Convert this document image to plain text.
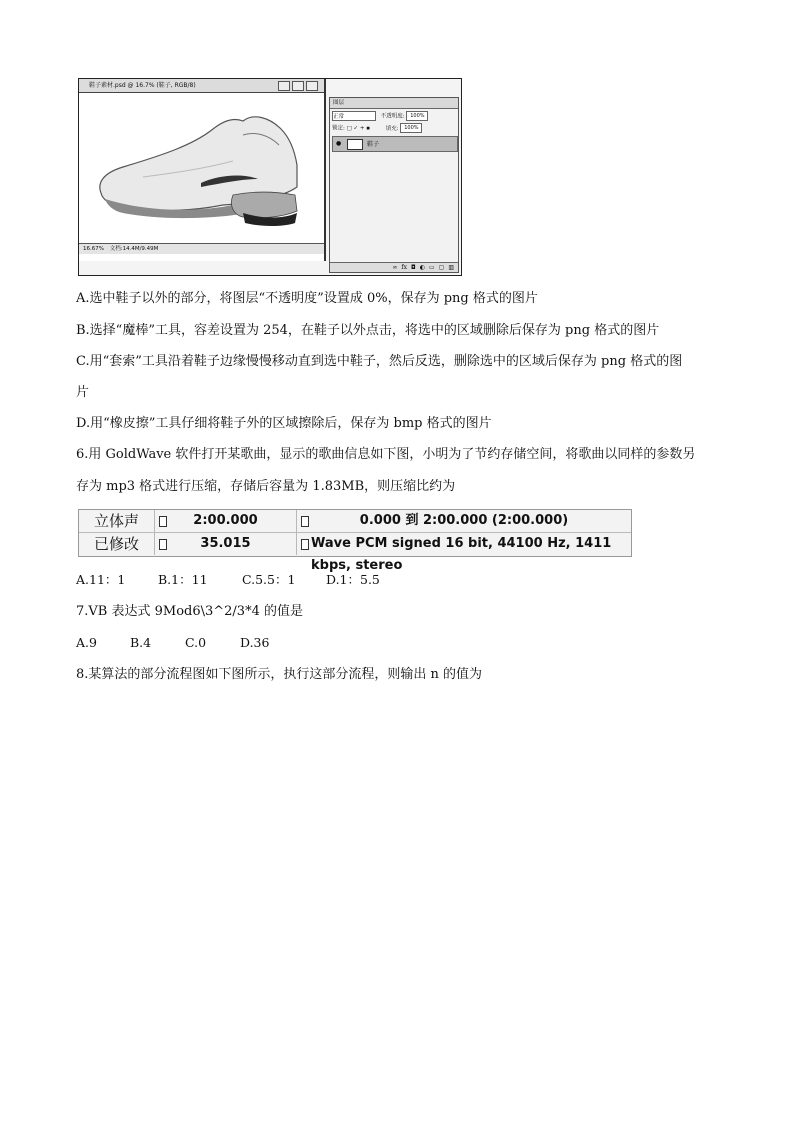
鞋子素材.psd @ 16.7% (鞋子, RGB/8)
16.67% 文档:14.4M/9.49M
图层
正常	不透明度: 100%
锁定: □ ✓ + ▪	填充: 100%
●	鞋子
∞ fx ◘ ◐ ▭ ▢ ▥
A.选中鞋子以外的部分，将图层“不透明度”设置成 0%，保存为 png 格式的图片
B.选择“魔棒”工具，容差设置为 254，在鞋子以外点击，将选中的区域删除后保存为 png 格式的图片
C.用“套索”工具沿着鞋子边缘慢慢移动直到选中鞋子，然后反选，删除选中的区域后保存为 png 格式的图
片
D.用“橡皮擦”工具仔细将鞋子外的区域擦除后，保存为 bmp 格式的图片
6.用 GoldWave 软件打开某歌曲，显示的歌曲信息如下图，小明为了节约存储空间，将歌曲以同样的参数另
存为 mp3 格式进行压缩，存储后容量为 1.83MB，则压缩比约为
立体声	2:00.000	0.000 到 2:00.000 (2:00.000)
已修改	35.015	Wave PCM signed 16 bit, 44100 Hz, 1411 kbps, stereo
A.11：1	B.1：11	C.5.5：1 D.1：5.5
7.VB 表达式 9Mod6\3^2/3*4 的值是
A.9	B.4	C.0	D.36
8.某算法的部分流程图如下图所示，执行这部分流程，则输出 n 的值为
